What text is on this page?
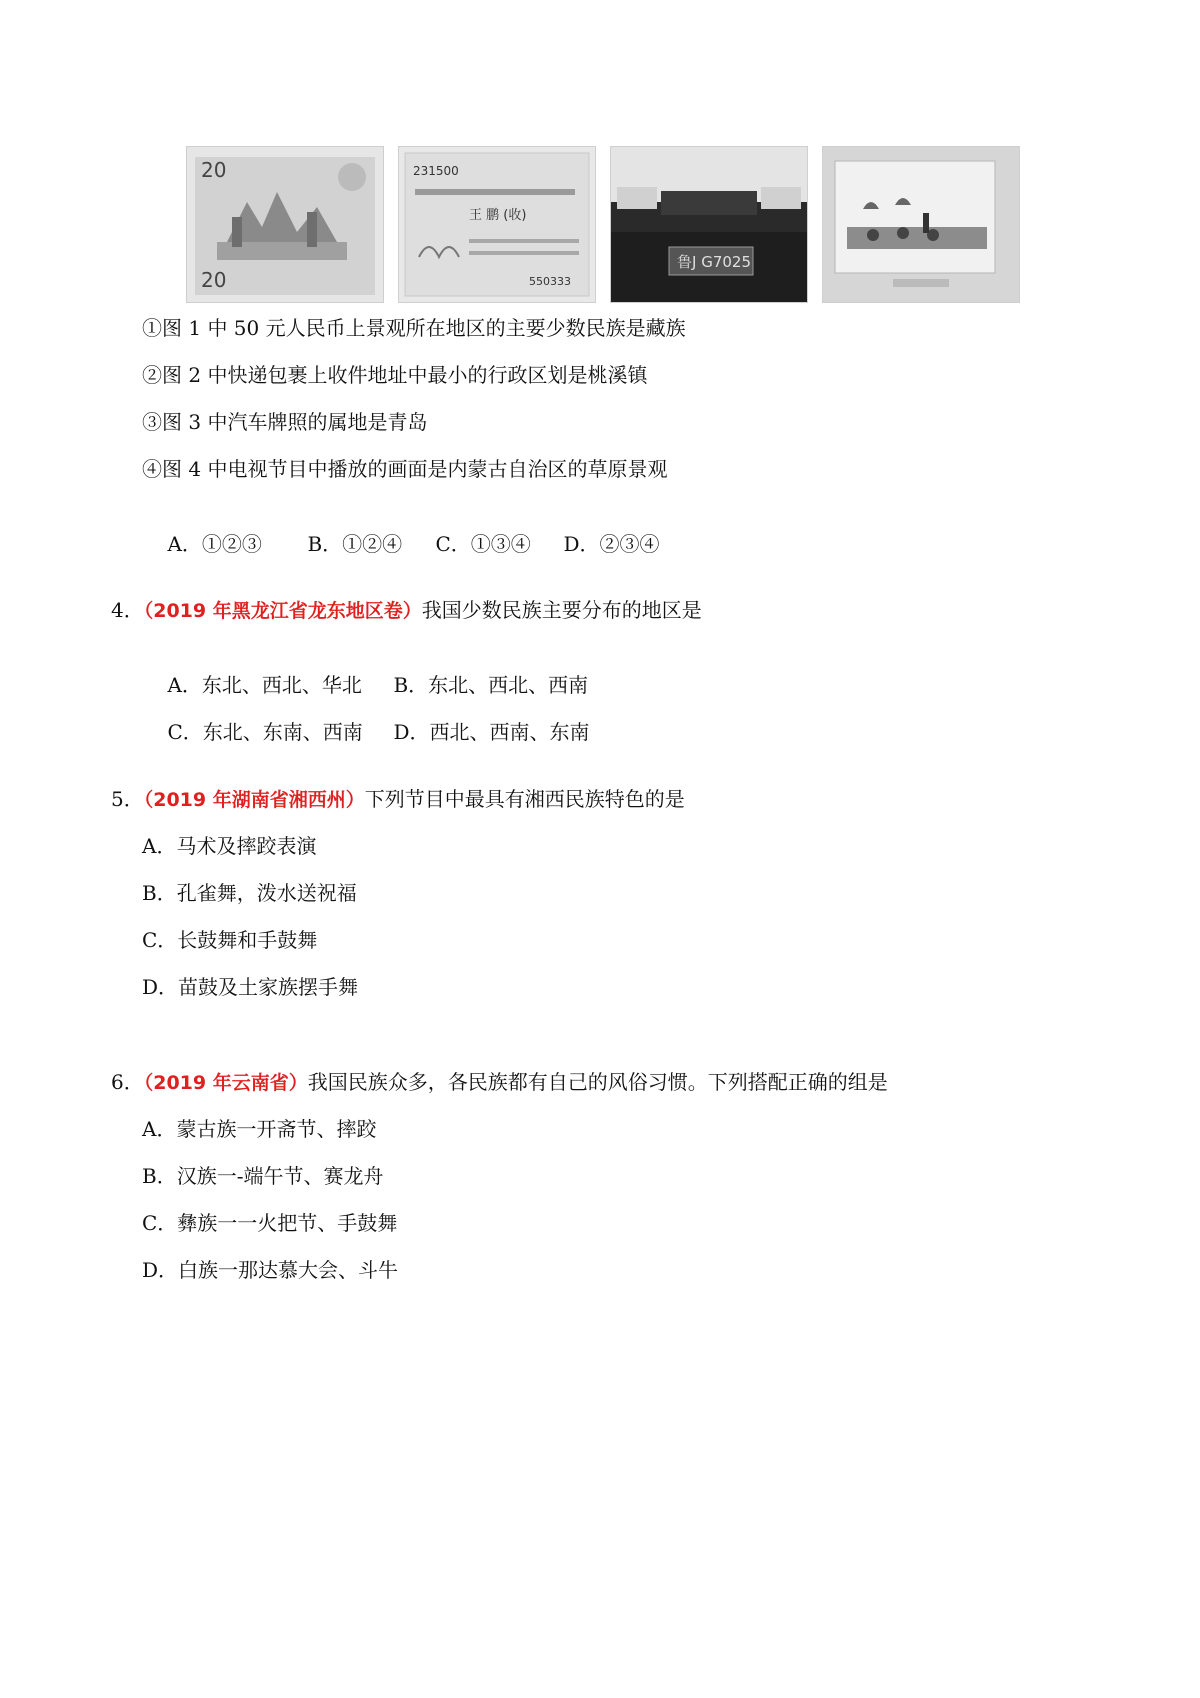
20
20
231500
王 鹏 (收)
550333
鲁J G7025
①图 1 中 50 元人民币上景观所在地区的主要少数民族是藏族
②图 2 中快递包裹上收件地址中最小的行政区划是桃溪镇
③图 3 中汽车牌照的属地是青岛
④图 4 中电视节目中播放的画面是内蒙古自治区的草原景观

A．①②③ B．①②④ C．①③④ D．②③④

4．（2019 年黑龙江省龙东地区卷）我国少数民族主要分布的地区是

A．东北、西北、华北 B．东北、西北、西南

C．东北、东南、西南 D．西北、西南、东南

5．（2019 年湖南省湘西州）下列节目中最具有湘西民族特色的是
A．马术及摔跤表演
B．孔雀舞，泼水送祝福
C．长鼓舞和手鼓舞
D．苗鼓及土家族摆手舞
6．（2019 年云南省）我国民族众多，各民族都有自己的风俗习惯。下列搭配正确的组是
A．蒙古族一开斋节、摔跤
B．汉族一-端午节、赛龙舟
C．彝族一一火把节、手鼓舞
D．白族一那达慕大会、斗牛
